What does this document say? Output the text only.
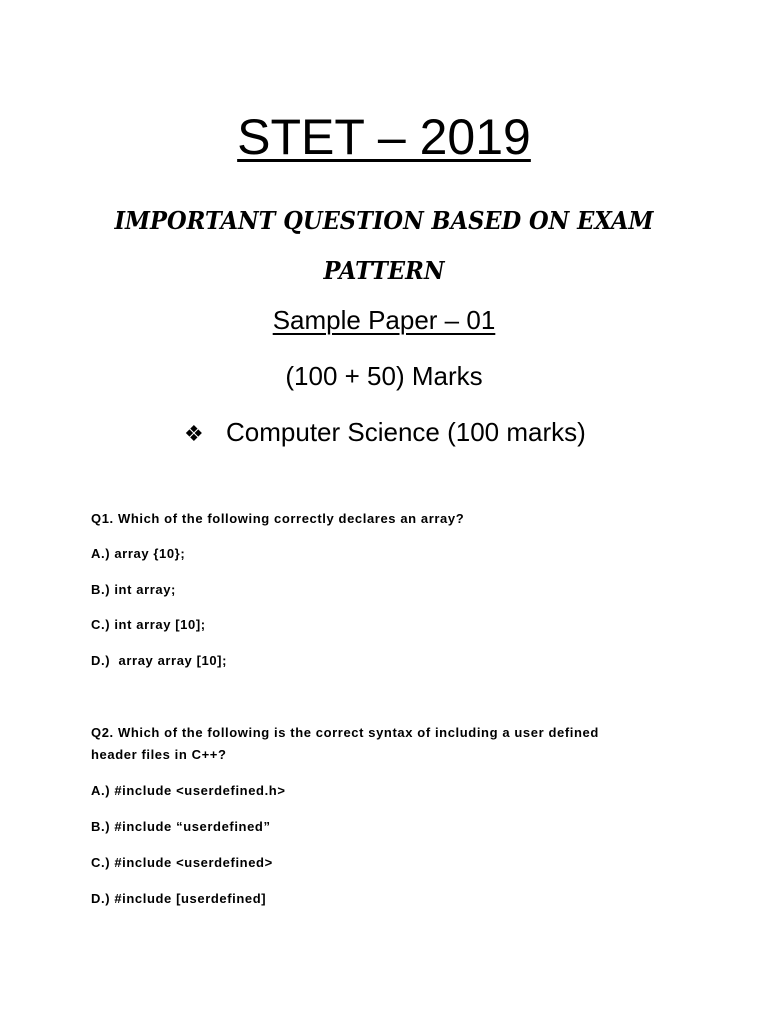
STET – 2019
IMPORTANT QUESTION BASED ON EXAM PATTERN
Sample Paper – 01
(100 + 50) Marks
❖ Computer Science (100 marks)

Q1. Which of the following correctly declares an array?

A.) array {10};
B.) int array;
C.) int array [10];
D.)  array array [10];

Q2. Which of the following is the correct syntax of including a user defined

header files in C++?

A.) #include <userdefined.h>
B.) #include “userdefined”
C.) #include <userdefined>
D.) #include [userdefined]
